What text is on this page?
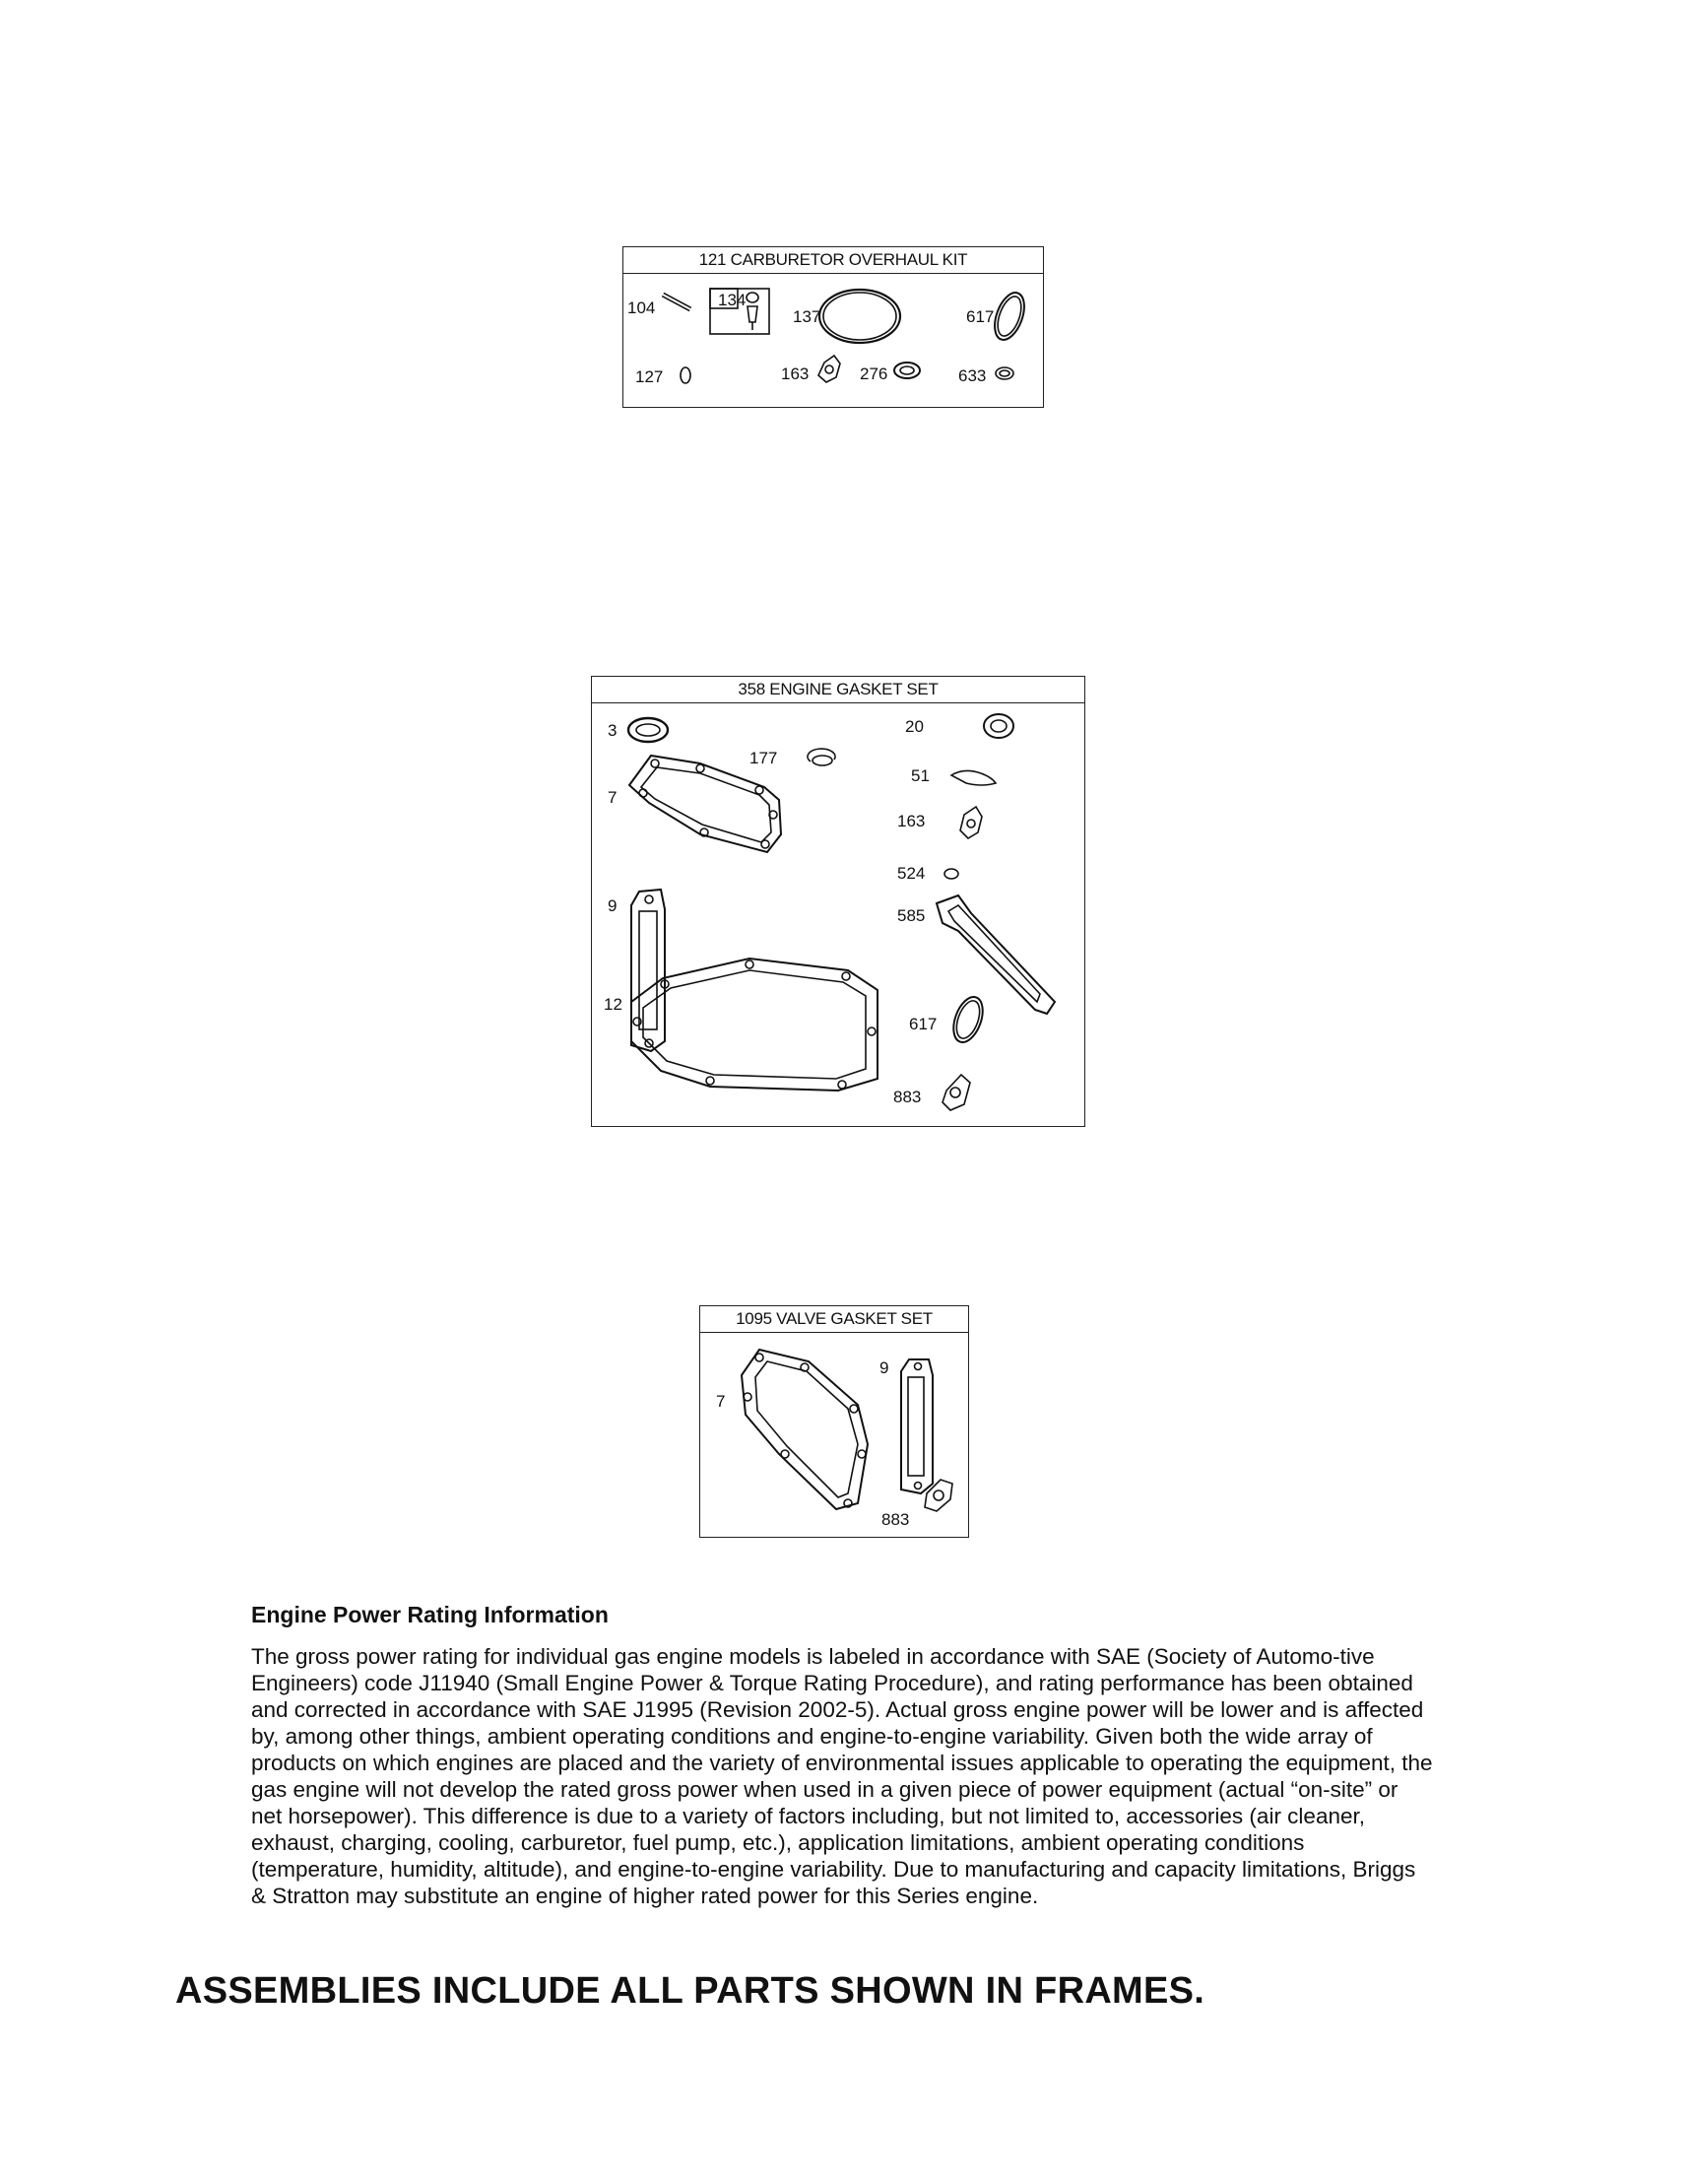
121 CARBURETOR OVERHAUL KIT
104	134
137	617
127	163	276	633
358 ENGINE GASKET SET
3
177
20
51
7
163
524
9
585
12
617
883
1095 VALVE GASKET SET
9
7
883
Engine Power Rating Information

The gross power rating for individual gas engine models is labeled in accordance with SAE (Society of Automo-tive Engineers) code J11940 (Small Engine Power & Torque Rating Procedure), and rating performance has been obtained and corrected in accordance with SAE J1995 (Revision 2002-5). Actual gross engine power will be lower and is affected by, among other things, ambient operating conditions and engine-to-engine variability. Given both the wide array of products on which engines are placed and the variety of environmental issues applicable to operating the equipment, the gas engine will not develop the rated gross power when used in a given piece of power equipment (actual “on-site” or net horsepower). This difference is due to a variety of factors including, but not limited to, accessories (air cleaner, exhaust, charging, cooling, carburetor, fuel pump, etc.), application limitations, ambient operating conditions (temperature, humidity, altitude), and engine-to-engine variability. Due to manufacturing and capacity limitations, Briggs & Stratton may substitute an engine of higher rated power for this Series engine.

ASSEMBLIES INCLUDE ALL PARTS SHOWN IN FRAMES.
